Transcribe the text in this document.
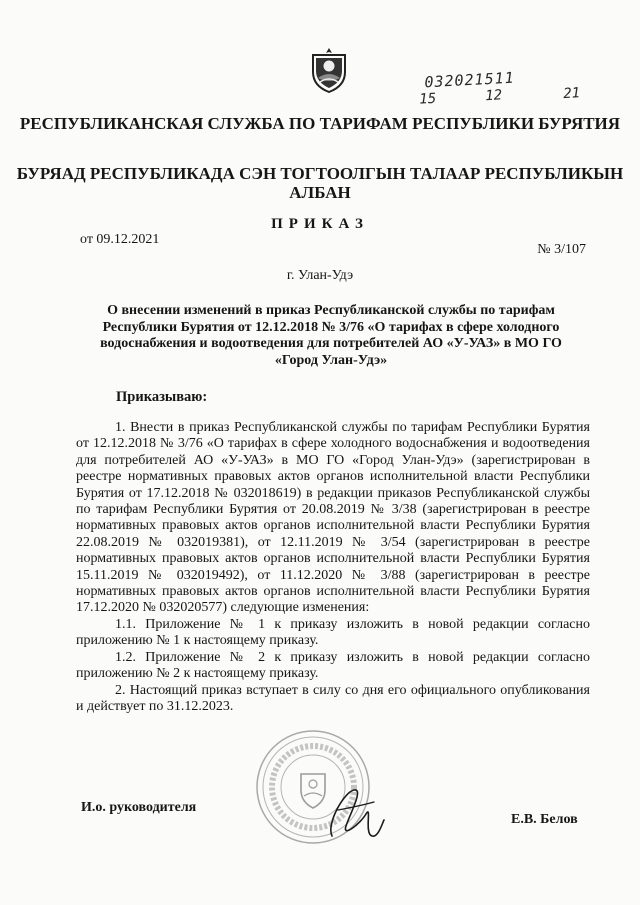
032021511
15	12	21
РЕСПУБЛИКАНСКАЯ СЛУЖБА ПО ТАРИФАМ РЕСПУБЛИКИ БУРЯТИЯ
БУРЯАД РЕСПУБЛИКАДА СЭН ТОГТООЛГЫН ТАЛААР РЕСПУБЛИКЫН АЛБАН
ПРИКАЗ
от 09.12.2021
№ 3/107
г. Улан-Удэ
О внесении изменений в приказ Республиканской службы по тарифам Республики Бурятия от 12.12.2018 № 3/76 «О тарифах в сфере холодного водоснабжения и водоотведения для потребителей АО «У-УАЗ» в МО ГО «Город Улан-Удэ»
Приказываю:

1. Внести в приказ Республиканской службы по тарифам Республики Бурятия от 12.12.2018 № 3/76 «О тарифах в сфере холодного водоснабжения и водоотведения для потребителей АО «У-УАЗ» в МО ГО «Город Улан-Удэ» (зарегистрирован в реестре нормативных правовых актов органов исполнительной власти Республики Бурятия от 17.12.2018 № 032018619) в редакции приказов Республиканской службы по тарифам Республики Бурятия от 20.08.2019 № 3/38 (зарегистрирован в реестре нормативных правовых актов органов исполнительной власти Республики Бурятия 22.08.2019 № 032019381), от 12.11.2019 № 3/54 (зарегистрирован в реестре нормативных правовых актов органов исполнительной власти Республики Бурятия 15.11.2019 № 032019492), от 11.12.2020 № 3/88 (зарегистрирован в реестре нормативных правовых актов органов исполнительной власти Республики Бурятия 17.12.2020 № 032020577) следующие изменения:

1.1. Приложение № 1 к приказу изложить в новой редакции согласно приложению № 1 к настоящему приказу.

1.2. Приложение № 2 к приказу изложить в новой редакции согласно приложению № 2 к настоящему приказу.

2. Настоящий приказ вступает в силу со дня его официального опубликования и действует по 31.12.2023.

И.о. руководителя
Е.В. Белов
